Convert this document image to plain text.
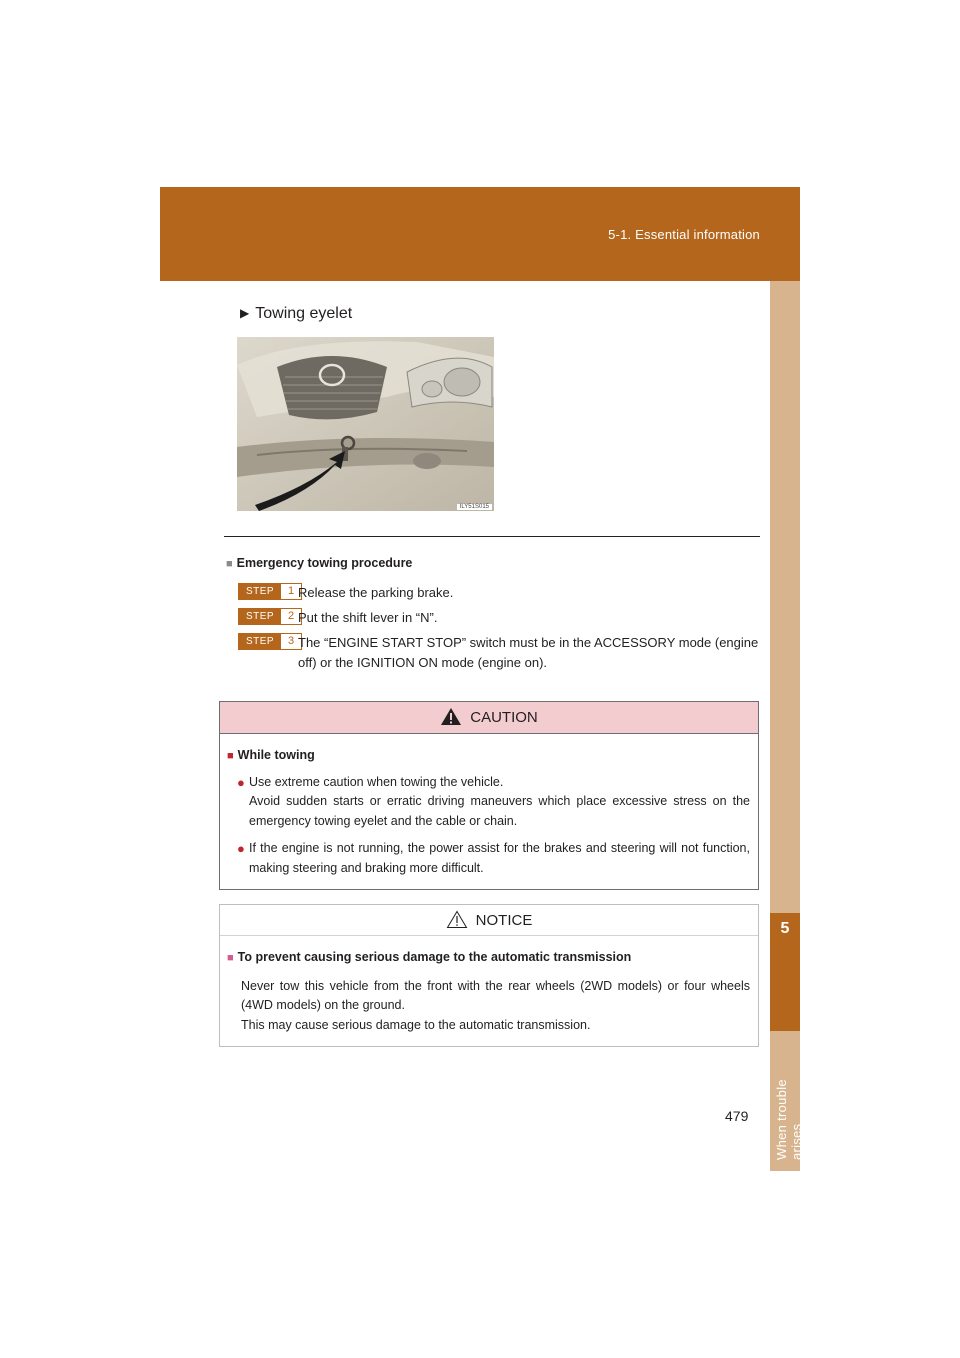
5-1. Essential information
5
When trouble arises
▶ Towing eyelet
ILY51S015
■ Emergency towing procedure
STEP	1 Release the parking brake.
STEP	2 Put the shift lever in “N”.
STEP	3 The “ENGINE START STOP” switch must be in the ACCESSORY mode (engine off) or the IGNITION ON mode (engine on).
CAUTION
■ While towing
● Use extreme caution when towing the vehicle.

Avoid sudden starts or erratic driving maneuvers which place excessive stress on the emergency towing eyelet and the cable or chain.

● If the engine is not running, the power assist for the brakes and steering will not function, making steering and braking more difficult.

NOTICE
■ To prevent causing serious damage to the automatic transmission

Never tow this vehicle from the front with the rear wheels (2WD models) or four wheels (4WD models) on the ground.

This may cause serious damage to the automatic transmission.

479
